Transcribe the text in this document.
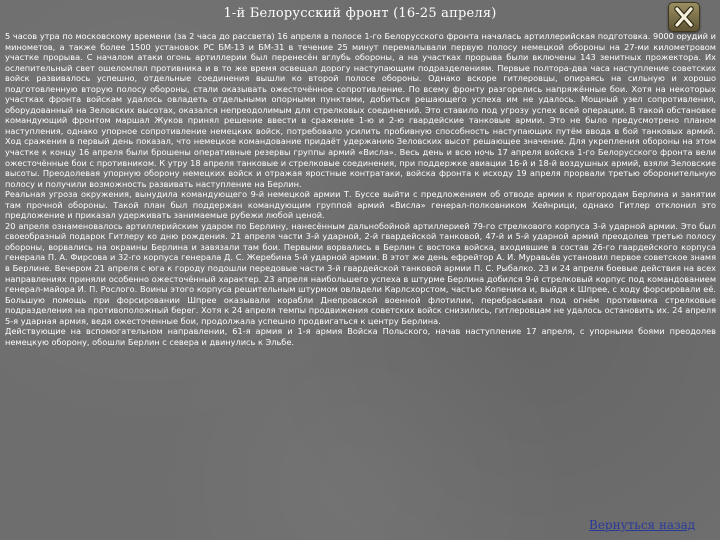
1-й Белорусский фронт (16-25 апреля)

5 часов утра по московскому времени (за 2 часа до рассвета) 16 апреля в полосе 1-го Белорусского фронта началась артиллерийская подготовка. 9000 орудий и минометов, а также более 1500 установок РС БМ-13 и БМ-31 в течение 25 минут перемалывали первую полосу немецкой обороны на 27-ми километровом участке прорыва. С началом атаки огонь артиллерии был перенесён вглубь обороны, а на участках прорыва были включены 143 зенитных прожектора. Их ослепительный свет ошеломлял противника и в то же время освещал дорогу наступающим подразделениям. Первые полтора-два часа наступление советских войск развивалось успешно, отдельные соединения вышли ко второй полосе обороны. Однако вскоре гитлеровцы, опираясь на сильную и хорошо подготовленную вторую полосу обороны, стали оказывать ожесточённое сопротивление. По всему фронту разгорелись напряжённые бои. Хотя на некоторых участках фронта войскам удалось овладеть отдельными опорными пунктами, добиться решающего успеха им не удалось. Мощный узел сопротивления, оборудованный на Зеловских высотах, оказался непреодолимым для стрелковых соединений. Это ставило под угрозу успех всей операции. В такой обстановке командующий фронтом маршал Жуков принял решение ввести в сражение 1-ю и 2-ю гвардейские танковые армии. Это не было предусмотрено планом наступления, однако упорное сопротивление немецких войск, потребовало усилить пробивную способность наступающих путём ввода в бой танковых армий. Ход сражения в первый день показал, что немецкое командование придаёт удержанию Зеловских высот решающее значение. Для укрепления обороны на этом участке к концу 16 апреля были брошены оперативные резервы группы армий «Висла». Весь день и всю ночь 17 апреля войска 1-го Белорусского фронта вели ожесточённые бои с противником. К утру 18 апреля танковые и стрелковые соединения, при поддержке авиации 16-й и 18-й воздушных армий, взяли Зеловские высоты. Преодолевая упорную оборону немецких войск и отражая яростные контратаки, войска фронта к исходу 19 апреля прорвали третью оборонительную полосу и получили возможность развивать наступление на Берлин.

Реальная угроза окружения, вынудила командующего 9-й немецкой армии Т. Буссе выйти с предложением об отводе армии к пригородам Берлина и занятии там прочной обороны. Такой план был поддержан командующим группой армий «Висла» генерал-полковником Хейнрици, однако Гитлер отклонил это предложение и приказал удерживать занимаемые рубежи любой ценой.

20 апреля ознаменовалось артиллерийским ударом по Берлину, нанесённым дальнобойной артиллерией 79-го стрелкового корпуса 3-й ударной армии. Это был своеобразный подарок Гитлеру ко дню рождения. 21 апреля части 3-й ударной, 2-й гвардейской танковой, 47-й и 5-й ударной армий преодолев третью полосу обороны, ворвались на окраины Берлина и завязали там бои. Первыми ворвались в Берлин с востока войска, входившие в состав 26-го гвардейского корпуса генерала П. А. Фирсова и 32-го корпуса генерала Д. С. Жеребина 5-й ударной армии. В этот же день ефрейтор А. И. Муравьёв установил первое советское знамя в Берлине. Вечером 21 апреля с юга к городу подошли передовые части 3-й гвардейской танковой армии П. С. Рыбалко. 23 и 24 апреля боевые действия на всех направлениях приняли особенно ожесточённый характер. 23 апреля наибольшего успеха в штурме Берлина добился 9-й стрелковый корпус под командованием генерал-майора И. П. Рослого. Воины этого корпуса решительным штурмом овладели Карлсхорстом, частью Копеника и, выйдя к Шпрее, с ходу форсировали её. Большую помощь при форсировании Шпрее оказывали корабли Днепровской военной флотилии, перебрасывая под огнём противника стрелковые подразделения на противоположный берег. Хотя к 24 апреля темпы продвижения советских войск снизились, гитлеровцам не удалось остановить их. 24 апреля 5-я ударная армия, ведя ожесточенные бои, продолжала успешно продвигаться к центру Берлина.

Действующие на вспомогательном направлении, 61-я армия и 1-я армия Войска Польского, начав наступление 17 апреля, с упорными боями преодолев немецкую оборону, обошли Берлин с севера и двинулись к Эльбе.

Вернуться назад
